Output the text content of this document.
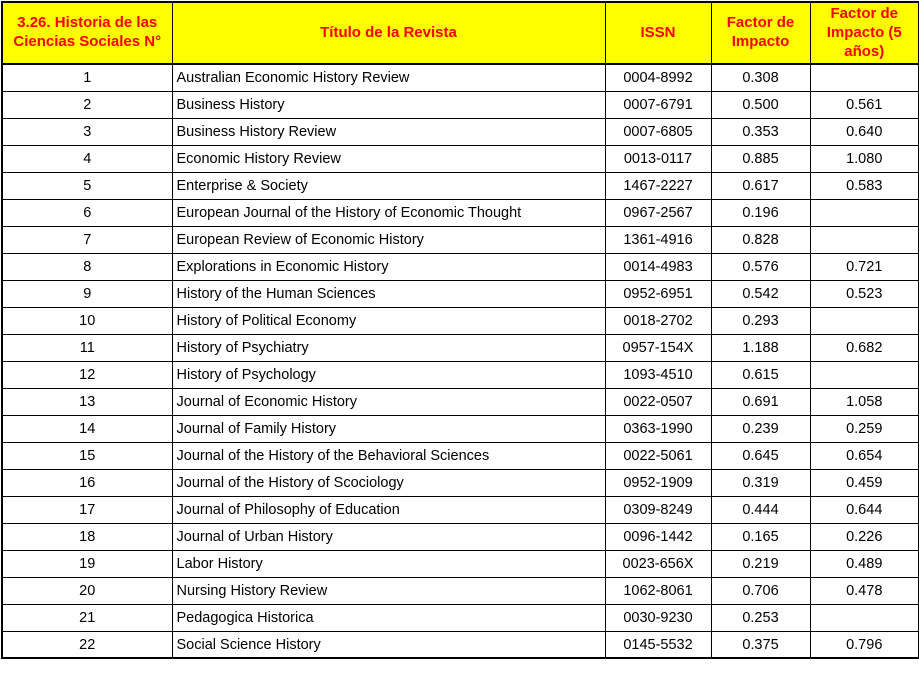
3.26. Historia de las Ciencias Sociales N°	Título de la Revista	ISSN	Factor de Impacto	Factor de Impacto (5 años)
1	Australian Economic History Review	0004-8992	0.308	
2	Business History	0007-6791	0.500	0.561
3	Business History Review	0007-6805	0.353	0.640
4	Economic History Review	0013-0117	0.885	1.080
5	Enterprise & Society	1467-2227	0.617	0.583
6	European Journal of the History of Economic Thought	0967-2567	0.196	
7	European Review of Economic History	1361-4916	0.828	
8	Explorations in Economic History	0014-4983	0.576	0.721
9	History of the Human Sciences	0952-6951	0.542	0.523
10	History of Political Economy	0018-2702	0.293	
11	History of Psychiatry	0957-154X	1.188	0.682
12	History of Psychology	1093-4510	0.615	
13	Journal of Economic History	0022-0507	0.691	1.058
14	Journal of Family History	0363-1990	0.239	0.259
15	Journal of the History of the Behavioral Sciences	0022-5061	0.645	0.654
16	Journal of the History of Scociology	0952-1909	0.319	0.459
17	Journal of Philosophy of Education	0309-8249	0.444	0.644
18	Journal of Urban History	0096-1442	0.165	0.226
19	Labor History	0023-656X	0.219	0.489
20	Nursing History Review	1062-8061	0.706	0.478
21	Pedagogica Historica	0030-9230	0.253	
22	Social Science History	0145-5532	0.375	0.796
